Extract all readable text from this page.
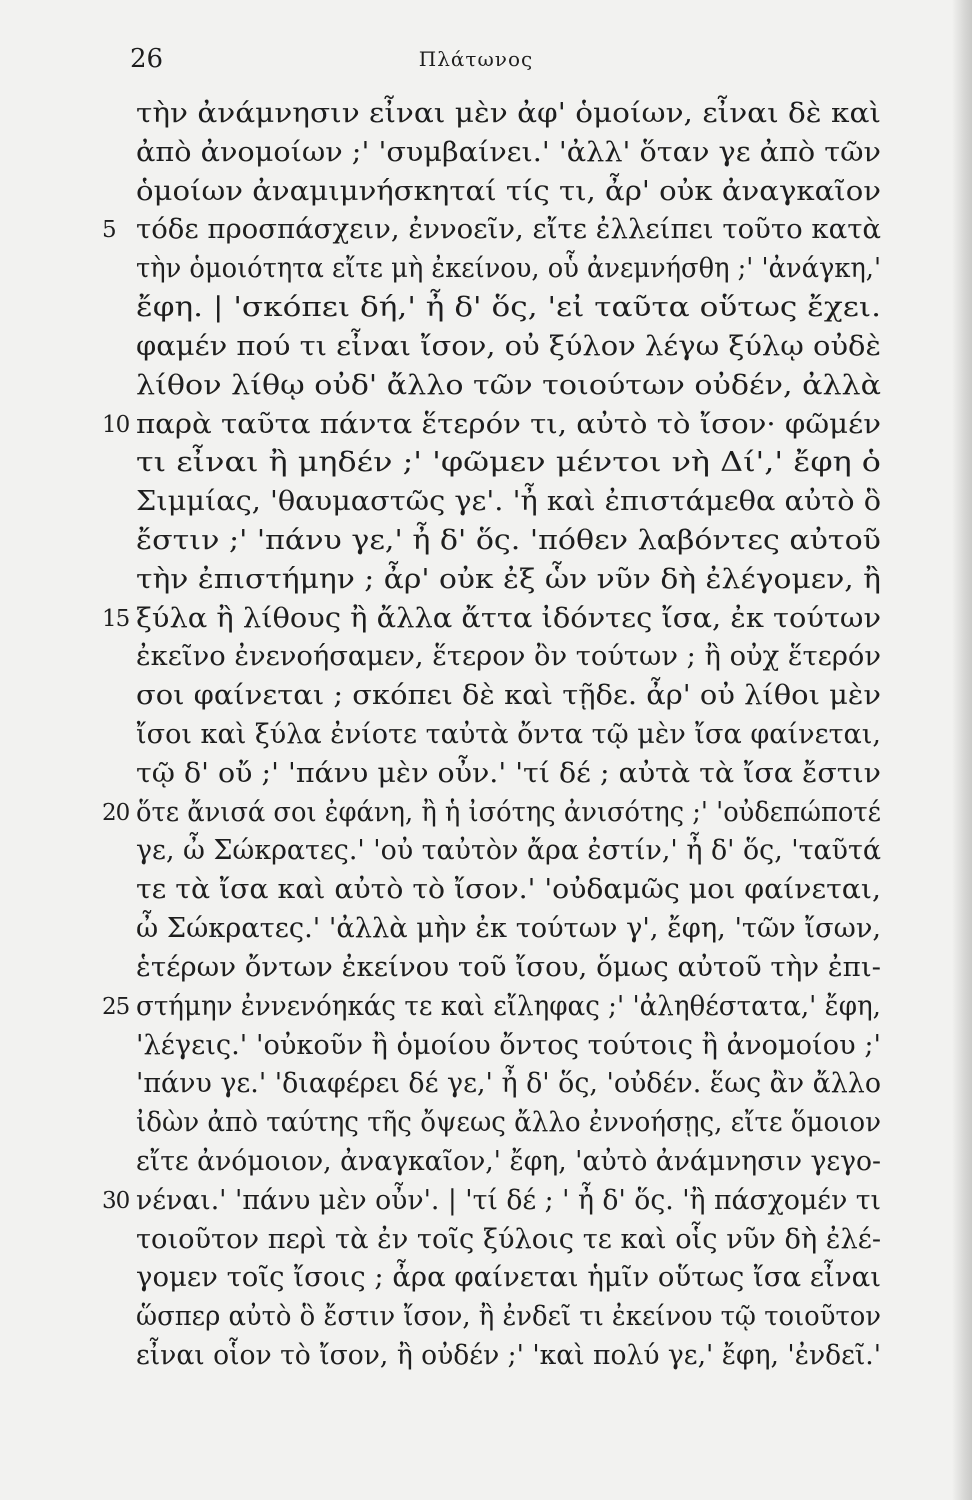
26	Πλάτωνος
τὴν ἀνάμνησιν εἶναι μὲν ἀφ' ὁμοίων, εἶναι δὲ καὶ
ἀπὸ ἀνομοίων ;' 'συμβαίνει.' 'ἀλλ' ὅταν γε ἀπὸ τῶν
ὁμοίων ἀναμιμνήσκηταί τίς τι, ἆρ' οὐκ ἀναγκαῖον
5 τόδε προσπάσχειν, ἐννοεῖν, εἴτε ἐλλείπει τοῦτο κατὰ
τὴν ὁμοιότητα εἴτε μὴ ἐκείνου, οὗ ἀνεμνήσθη ;' 'ἀνάγκη,'
ἔφη. | 'σκόπει δή,' ἦ δ' ὅς, 'εἰ ταῦτα οὕτως ἔχει.
φαμέν πού τι εἶναι ἴσον, οὐ ξύλον λέγω ξύλῳ οὐδὲ
λίθον λίθῳ οὐδ' ἄλλο τῶν τοιούτων οὐδέν, ἀλλὰ
10 παρὰ ταῦτα πάντα ἕτερόν τι, αὐτὸ τὸ ἴσον· φῶμέν
τι εἶναι ἢ μηδέν ;' 'φῶμεν μέντοι νὴ Δί',' ἔφη ὁ
Σιμμίας, 'θαυμαστῶς γε'. 'ἦ καὶ ἐπιστάμεθα αὐτὸ ὃ
ἔστιν ;' 'πάνυ γε,' ἦ δ' ὅς. 'πόθεν λαβόντες αὐτοῦ
τὴν ἐπιστήμην ; ἆρ' οὐκ ἐξ ὧν νῦν δὴ ἐλέγομεν, ἢ
15 ξύλα ἢ λίθους ἢ ἄλλα ἄττα ἰδόντες ἴσα, ἐκ τούτων
ἐκεῖνο ἐνενοήσαμεν, ἕτερον ὂν τούτων ; ἢ οὐχ ἕτερόν
σοι φαίνεται ; σκόπει δὲ καὶ τῇδε. ἆρ' οὐ λίθοι μὲν
ἴσοι καὶ ξύλα ἐνίοτε ταὐτὰ ὄντα τῷ μὲν ἴσα φαίνεται,
τῷ δ' οὔ ;' 'πάνυ μὲν οὖν.' 'τί δέ ; αὐτὰ τὰ ἴσα ἔστιν
20 ὅτε ἄνισά σοι ἐφάνη, ἢ ἡ ἰσότης ἀνισότης ;' 'οὐδεπώποτέ
γε, ὦ Σώκρατες.' 'οὐ ταὐτὸν ἄρα ἐστίν,' ἦ δ' ὅς, 'ταῦτά
τε τὰ ἴσα καὶ αὐτὸ τὸ ἴσον.' 'οὐδαμῶς μοι φαίνεται,
ὦ Σώκρατες.' 'ἀλλὰ μὴν ἐκ τούτων γ', ἔφη, 'τῶν ἴσων,
ἑτέρων ὄντων ἐκείνου τοῦ ἴσου, ὅμως αὐτοῦ τὴν ἐπι-
25 στήμην ἐννενόηκάς τε καὶ εἴληφας ;' 'ἀληθέστατα,' ἔφη,
'λέγεις.' 'οὐκοῦν ἢ ὁμοίου ὄντος τούτοις ἢ ἀνομοίου ;'
'πάνυ γε.' 'διαφέρει δέ γε,' ἦ δ' ὅς, 'οὐδέν. ἕως ἂν ἄλλο
ἰδὼν ἀπὸ ταύτης τῆς ὄψεως ἄλλο ἐννοήσῃς, εἴτε ὅμοιον
εἴτε ἀνόμοιον, ἀναγκαῖον,' ἔφη, 'αὐτὸ ἀνάμνησιν γεγο-
30 νέναι.' 'πάνυ μὲν οὖν'. | 'τί δέ ; ' ἦ δ' ὅς. 'ἢ πάσχομέν τι
τοιοῦτον περὶ τὰ ἐν τοῖς ξύλοις τε καὶ οἷς νῦν δὴ ἐλέ-
γομεν τοῖς ἴσοις ; ἆρα φαίνεται ἡμῖν οὕτως ἴσα εἶναι
ὥσπερ αὐτὸ ὃ ἔστιν ἴσον, ἢ ἐνδεῖ τι ἐκείνου τῷ τοιοῦτον
εἶναι οἷον τὸ ἴσον, ἢ οὐδέν ;' 'καὶ πολύ γε,' ἔφη, 'ἐνδεῖ.'
